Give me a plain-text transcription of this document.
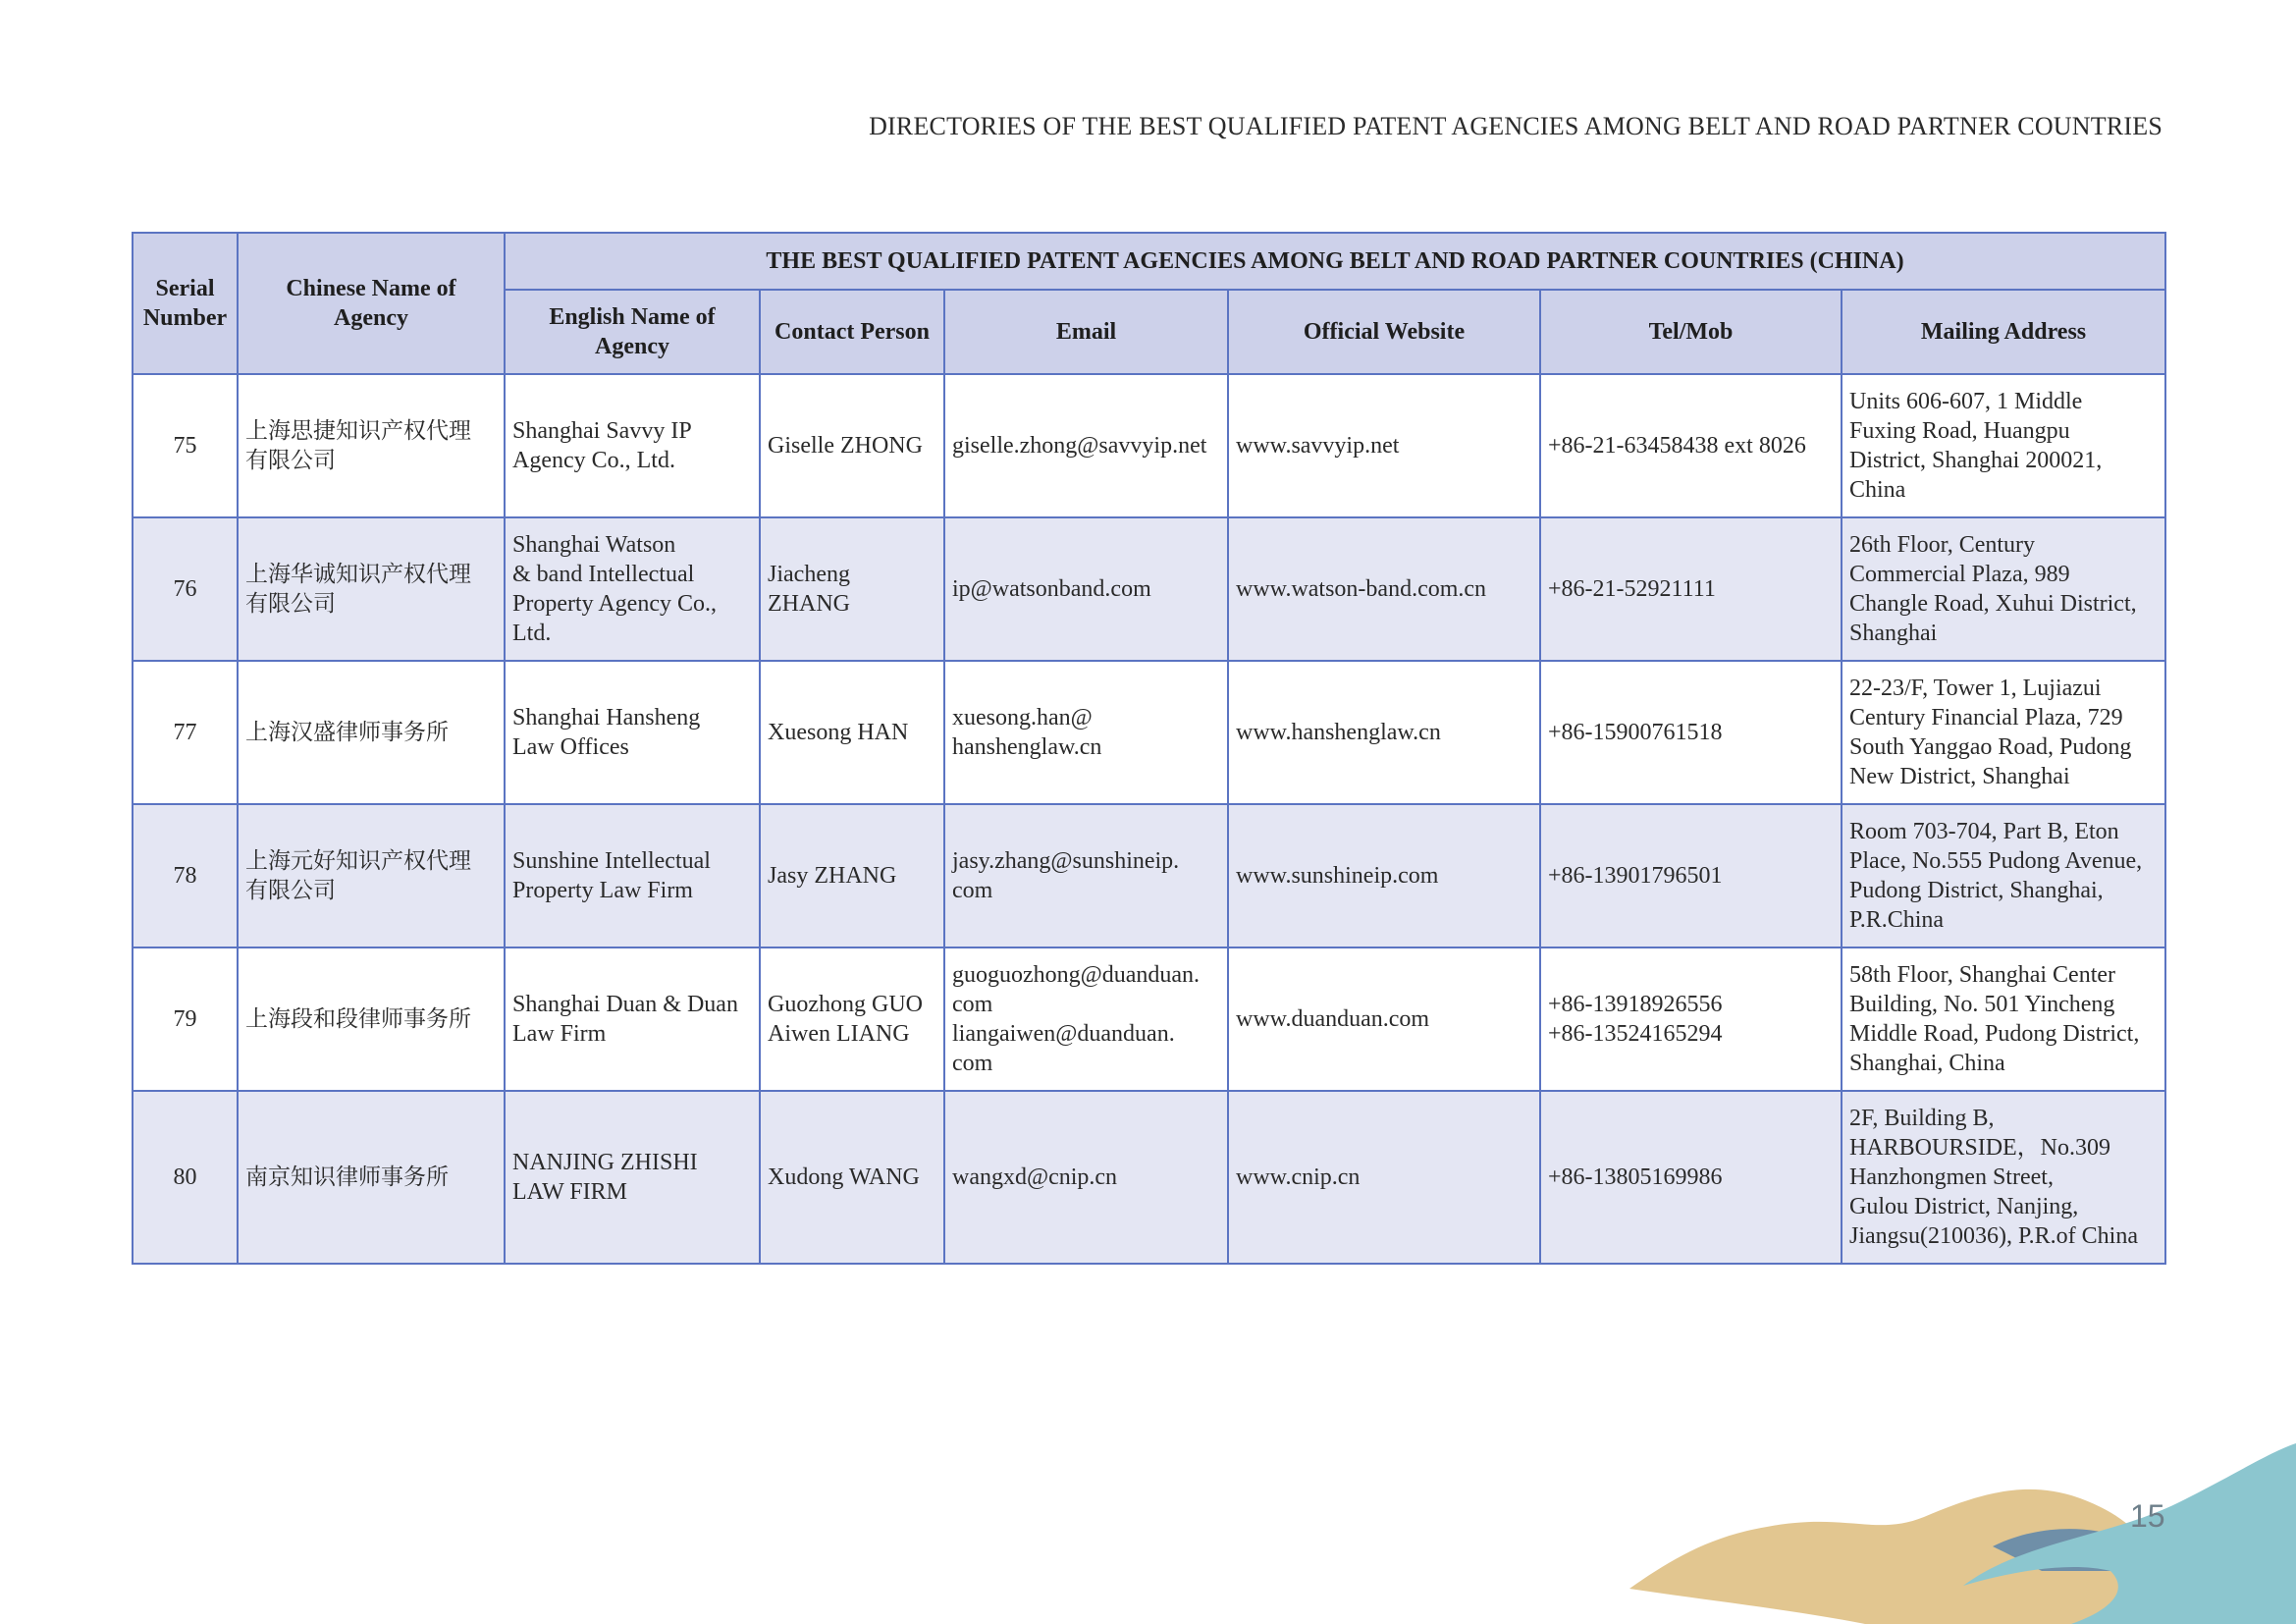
DIRECTORIES OF THE BEST QUALIFIED PATENT AGENCIES AMONG BELT AND ROAD PARTNER COUNTRIES
Serial
Number	Chinese Name of
Agency	THE BEST QUALIFIED PATENT AGENCIES AMONG BELT AND ROAD PARTNER COUNTRIES (CHINA)					

		English Name of
Agency	Contact Person	Email	Official Website	Tel/Mob	Mailing Address
75	上海思捷知识产权代理
有限公司	Shanghai Savvy IP
Agency Co., Ltd.	Giselle ZHONG	giselle.zhong@savvyip.net	www.savvyip.net	+86-21-63458438 ext 8026	Units 606-607, 1 Middle
Fuxing Road, Huangpu
District, Shanghai 200021,
China

76	上海华诚知识产权代理
有限公司	Shanghai Watson
& band Intellectual
Property Agency Co.,
Ltd.	Jiacheng
ZHANG	ip@watsonband.com	www.watson-band.com.cn	+86-21-52921111	26th Floor, Century
Commercial Plaza, 989
Changle Road, Xuhui District,
Shanghai

77	上海汉盛律师事务所	Shanghai Hansheng
Law Offices	Xuesong HAN	xuesong.han@
hanshenglaw.cn	www.hanshenglaw.cn	+86-15900761518	22-23/F, Tower 1, Lujiazui
Century Financial Plaza, 729
South Yanggao Road, Pudong
New District, Shanghai

78	上海元好知识产权代理
有限公司	Sunshine Intellectual
Property Law Firm	Jasy ZHANG	jasy.zhang@sunshineip.
com	www.sunshineip.com	+86-13901796501	Room 703-704, Part B, Eton
Place, No.555 Pudong Avenue,
Pudong District, Shanghai,
P.R.China

79	上海段和段律师事务所	Shanghai Duan & Duan
Law Firm	Guozhong GUO
Aiwen LIANG	guoguozhong@duanduan.
com
liangaiwen@duanduan.
com	www.duanduan.com	+86-13918926556
+86-13524165294	58th Floor, Shanghai Center
Building, No. 501 Yincheng
Middle Road, Pudong District,
Shanghai, China

80	南京知识律师事务所	NANJING ZHISHI
LAW FIRM	Xudong WANG	wangxd@cnip.cn	www.cnip.cn	+86-13805169986	2F, Building B,
HARBOURSIDE，No.309
Hanzhongmen Street,
Gulou District, Nanjing,
Jiangsu(210036), P.R.of China
15
